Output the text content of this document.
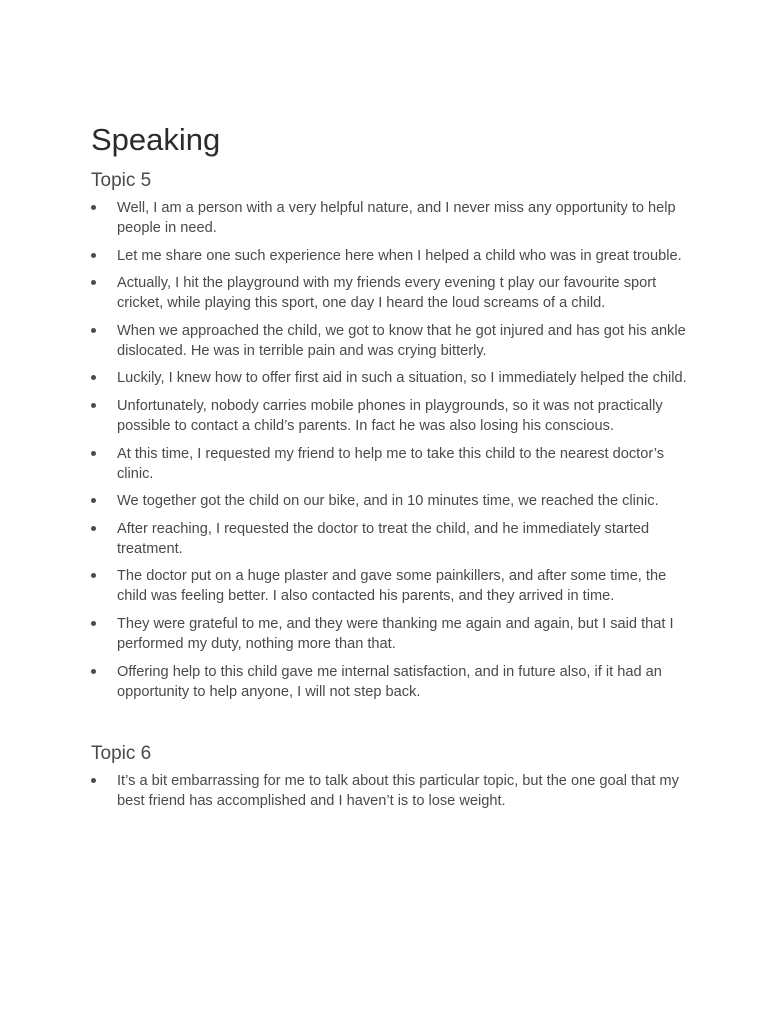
Speaking
Topic 5
Well, I am a person with a very helpful nature, and I never miss any opportunity to help people in need.
Let me share one such experience here when I helped a child who was in great trouble.
Actually, I hit the playground with my friends every evening t play our favourite sport cricket, while playing this sport, one day I heard the loud screams of a child.
When we approached the child, we got to know that he got injured and has got his ankle dislocated. He was in terrible pain and was crying bitterly.
Luckily, I knew how to offer first aid in such a situation, so I immediately helped the child.
Unfortunately, nobody carries mobile phones in playgrounds, so it was not practically possible to contact a child’s parents. In fact he was also losing his conscious.
At this time, I requested my friend to help me to take this child to the nearest doctor’s clinic.
We together got the child on our bike, and in 10 minutes time, we reached the clinic.
After reaching, I requested the doctor to treat the child, and he immediately started treatment.
The doctor put on a huge plaster and gave some painkillers, and after some time, the child was feeling better. I also contacted his parents, and they arrived in time.
They were grateful to me, and they were thanking me again and again, but I said that I performed my duty, nothing more than that.
Offering help to this child gave me internal satisfaction, and in future also, if it had an opportunity to help anyone, I will not step back.
Topic 6
It’s a bit embarrassing for me to talk about this particular topic, but the one goal that my best friend has accomplished and I haven’t is to lose weight.
